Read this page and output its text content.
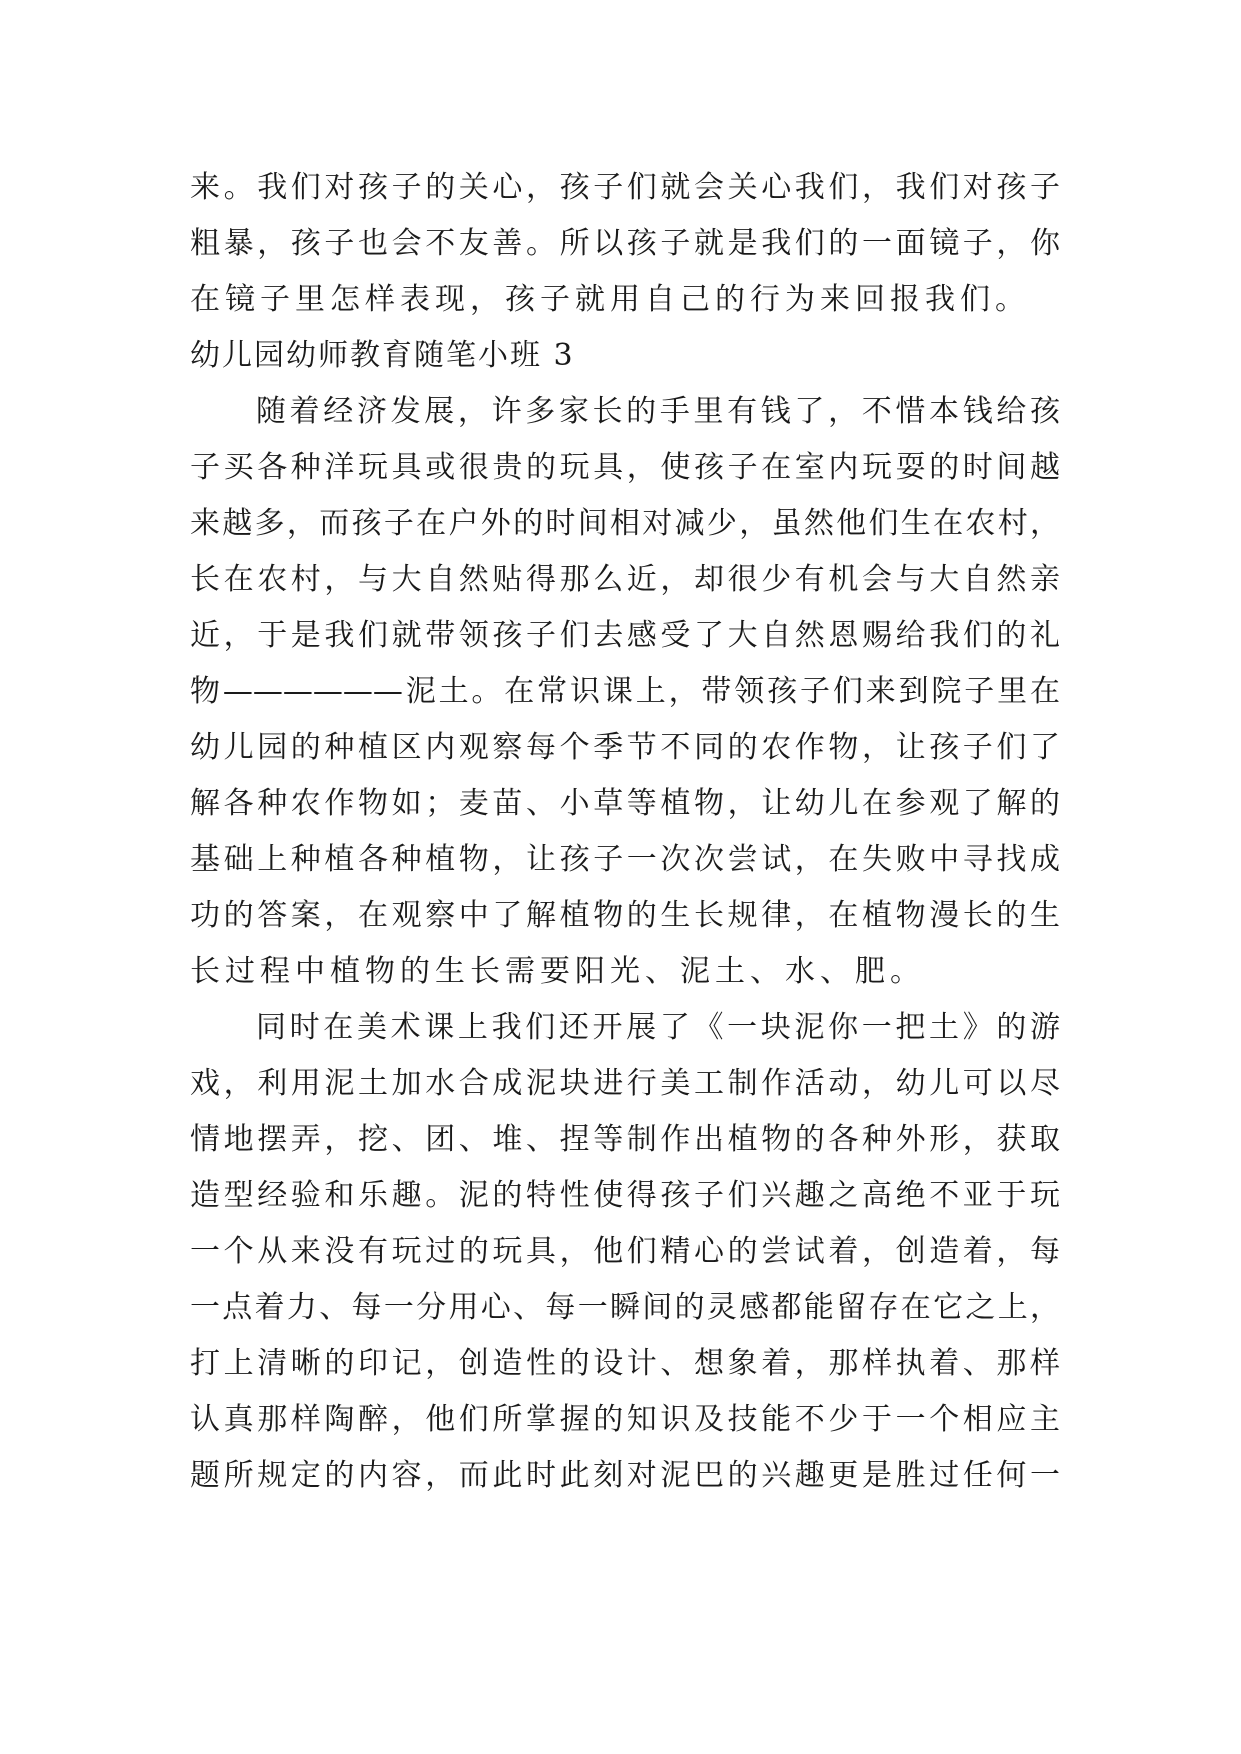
来。我们对孩子的关心，孩子们就会关心我们，我们对孩子
粗暴，孩子也会不友善。所以孩子就是我们的一面镜子，你
在镜子里怎样表现，孩子就用自己的行为来回报我们。
幼儿园幼师教育随笔小班 3
随着经济发展，许多家长的手里有钱了，不惜本钱给孩
子买各种洋玩具或很贵的玩具，使孩子在室内玩耍的时间越
来越多，而孩子在户外的时间相对减少，虽然他们生在农村，
长在农村，与大自然贴得那么近，却很少有机会与大自然亲
近，于是我们就带领孩子们去感受了大自然恩赐给我们的礼
物——————泥土。在常识课上，带领孩子们来到院子里在
幼儿园的种植区内观察每个季节不同的农作物，让孩子们了
解各种农作物如；麦苗、小草等植物，让幼儿在参观了解的
基础上种植各种植物，让孩子一次次尝试，在失败中寻找成
功的答案，在观察中了解植物的生长规律，在植物漫长的生
长过程中植物的生长需要阳光、泥土、水、肥。
同时在美术课上我们还开展了《一块泥你一把土》的游
戏，利用泥土加水合成泥块进行美工制作活动，幼儿可以尽
情地摆弄，挖、团、堆、捏等制作出植物的各种外形，获取
造型经验和乐趣。泥的特性使得孩子们兴趣之高绝不亚于玩
一个从来没有玩过的玩具，他们精心的尝试着，创造着，每
一点着力、每一分用心、每一瞬间的灵感都能留存在它之上，
打上清晰的印记，创造性的设计、想象着，那样执着、那样
认真那样陶醉，他们所掌握的知识及技能不少于一个相应主
题所规定的内容，而此时此刻对泥巴的兴趣更是胜过任何一
